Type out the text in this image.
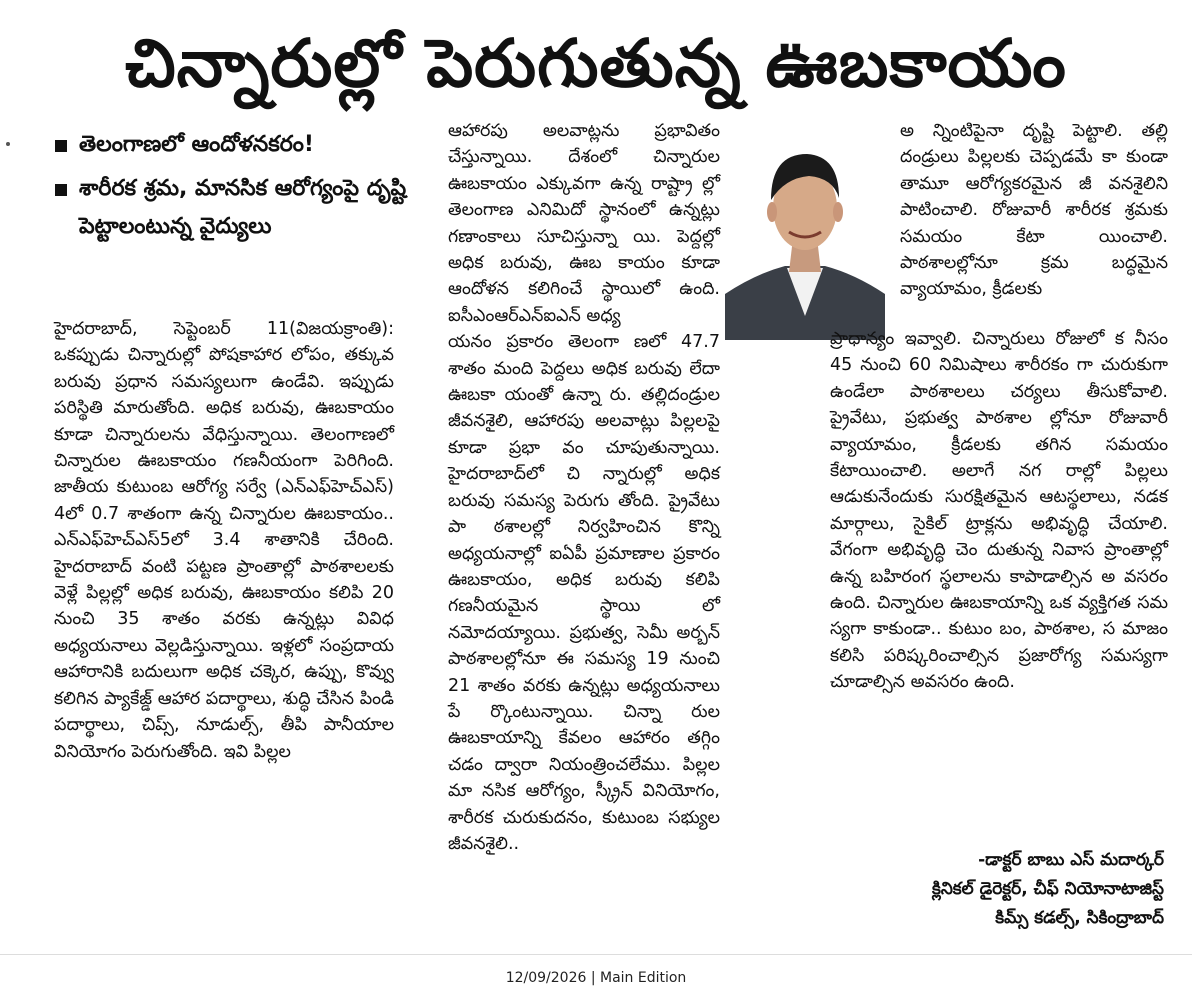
చిన్నారుల్లో పెరుగుతున్న ఊబకాయం
తెలంగాణలో ఆందోళనకరం!
శారీరక శ్రమ, మానసిక ఆరోగ్యంపై దృష్టి పెట్టాలంటున్న వైద్యులు

హైదరాబాద్, సెప్టెంబర్ 11(విజయక్రాంతి): ఒకప్పుడు చిన్నారుల్లో పోషకాహార లోపం, తక్కువ బరువు ప్రధాన సమస్యలుగా ఉండేవి. ఇప్పుడు పరిస్థితి మారుతోంది. అధిక బరువు, ఊబకాయం కూడా చిన్నారులను వేధిస్తున్నాయి. తెలంగాణలో చిన్నారుల ఊబకాయం గణనీయంగా పెరిగింది. జాతీయ కుటుంబ ఆరోగ్య సర్వే (ఎన్ఎఫ్‌హెచ్ఎస్) 4లో 0.7 శాతంగా ఉన్న చిన్నారుల ఊబకాయం.. ఎన్ఎఫ్‌హెచ్ఎస్5లో 3.4 శాతానికి చేరింది. హైదరాబాద్ వంటి పట్టణ ప్రాంతాల్లో పాఠశాలలకు వెళ్లే పిల్లల్లో అధిక బరువు, ఊబకాయం కలిపి 20 నుంచి 35 శాతం వరకు ఉన్నట్లు వివిధ అధ్యయనాలు వెల్లడిస్తున్నాయి. ఇళ్లలో సంప్రదాయ ఆహారానికి బదులుగా అధిక చక్కెర, ఉప్పు, కొవ్వు కలిగిన ప్యాకేజ్డ్ ఆహార పదార్థాలు, శుద్ధి చేసిన పిండి పదార్థాలు, చిప్స్, నూడుల్స్, తీపి పానీయాల వినియోగం పెరుగుతోంది. ఇవి పిల్లల

ఆహారపు అలవాట్లను ప్రభావితం చేస్తున్నాయి. దేశంలో చిన్నారుల ఊబకాయం ఎక్కువగా ఉన్న రాష్ట్రా ల్లో తెలంగాణ ఎనిమిదో స్థానంలో ఉన్నట్లు గణాంకాలు సూచిస్తున్నా యి. పెద్దల్లో అధిక బరువు, ఊబ కాయం కూడా ఆందోళన కలిగించే స్థాయిలో ఉంది. ఐసీఎంఆర్ఎన్ఐఎన్ అధ్య

యనం ప్రకారం తెలంగా ణలో 47.7 శాతం మంది పెద్దలు అధిక బరువు లేదా ఊబకా యంతో ఉన్నా రు. తల్లిదండ్రుల జీవనశైలి, ఆహారపు అలవాట్లు పిల్లలపై కూడా ప్రభా వం చూపుతున్నాయి. హైదరాబాద్‌లో చి న్నారుల్లో అధిక బరువు సమస్య పెరుగు తోంది. ప్రైవేటు పా ఠశాలల్లో నిర్వహించిన కొన్ని అధ్యయనాల్లో ఐఏపీ ప్రమాణాల ప్రకారం ఊబకాయం, అధిక బరువు కలిపి గణనీయమైన స్థాయి లో నమోదయ్యాయి. ప్రభుత్వ, సెమీ అర్బన్ పాఠశాలల్లోనూ ఈ సమస్య 19 నుంచి 21 శాతం వరకు ఉన్నట్లు అధ్యయనాలు పే ర్కొంటున్నాయి. చిన్నా రుల ఊబకాయాన్ని కేవలం ఆహారం తగ్గిం చడం ద్వారా నియంత్రించలేము. పిల్లల మా నసిక ఆరోగ్యం, స్క్రీన్ వినియోగం, శారీరక చురుకుదనం, కుటుంబ సభ్యుల జీవనశైలి..

అ న్నింటిపైనా దృష్టి పెట్టాలి. తల్లి దండ్రులు పిల్లలకు చెప్పడమే కా కుండా తామూ ఆరోగ్యకరమైన జీ వనశైలిని పాటించాలి. రోజువారీ శారీరక శ్రమకు సమయం కేటా యించాలి. పాఠశాలల్లోనూ క్రమ బద్ధమైన వ్యాయామం, క్రీడలకు

ప్రాధాన్యం ఇవ్వాలి. చిన్నారులు రోజులో క నీసం 45 నుంచి 60 నిమిషాలు శారీరకం గా చురుకుగా ఉండేలా పాఠశాలలు చర్యలు తీసుకోవాలి. ప్రైవేటు, ప్రభుత్వ పాఠశాల ల్లోనూ రోజువారీ వ్యాయామం, క్రీడలకు తగిన సమయం కేటాయించాలి. అలాగే నగ రాల్లో పిల్లలు ఆడుకునేందుకు సురక్షితమైన ఆటస్థలాలు, నడక మార్గాలు, సైకిల్ ట్రాక్లను అభివృద్ధి చేయాలి. వేగంగా అభివృద్ధి చెం దుతున్న నివాస ప్రాంతాల్లో ఉన్న బహిరంగ స్థలాలను కాపాడాల్సిన అ వసరం ఉంది. చిన్నారుల ఊబకాయాన్ని ఒక వ్యక్తిగత సమ స్యగా కాకుండా.. కుటుం బం, పాఠశాల, స మాజం కలిసి పరిష్కరించాల్సిన ప్రజారోగ్య సమస్యగా చూడాల్సిన అవసరం ఉంది.

-డాక్టర్ బాబు ఎస్ మదార్కర్
క్లినికల్ డైరెక్టర్, చీఫ్ నియోనాటాజిస్ట్
కిమ్స్ కడల్స్, సికింద్రాబాద్
12/09/2026 | Main Edition
